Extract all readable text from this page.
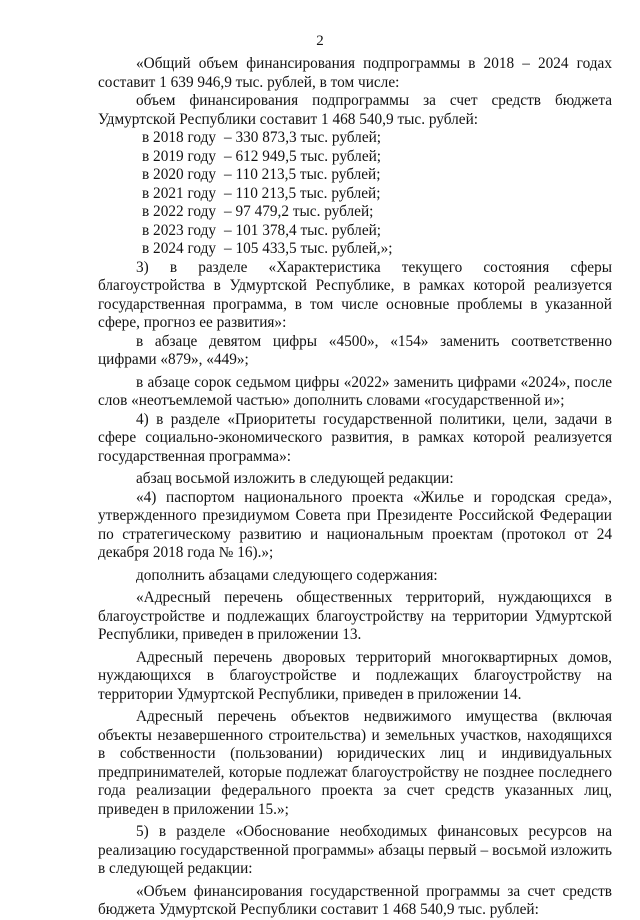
2

«Общий объем финансирования подпрограммы в 2018 – 2024 годах составит 1 639 946,9 тыс. рублей, в том числе:

объем финансирования подпрограммы за счет средств бюджета Удмуртской Республики составит 1 468 540,9 тыс. рублей:

в 2018 году – 330 873,3 тыс. рублей;
в 2019 году – 612 949,5 тыс. рублей;
в 2020 году – 110 213,5 тыс. рублей;
в 2021 году – 110 213,5 тыс. рублей;
в 2022 году – 97 479,2 тыс. рублей;
в 2023 году – 101 378,4 тыс. рублей;
в 2024 году – 105 433,5 тыс. рублей,»;

3) в разделе «Характеристика текущего состояния сферы благоустройства в Удмуртской Республике, в рамках которой реализуется государственная программа, в том числе основные проблемы в указанной сфере, прогноз ее развития»:

в абзаце девятом цифры «4500», «154» заменить соответственно цифрами «879», «449»;

в абзаце сорок седьмом цифры «2022» заменить цифрами «2024», после слов «неотъемлемой частью» дополнить словами «государственной и»;

4) в разделе «Приоритеты государственной политики, цели, задачи в сфере социально-экономического развития, в рамках которой реализуется государственная программа»:

абзац восьмой изложить в следующей редакции:

«4) паспортом национального проекта «Жилье и городская среда», утвержденного президиумом Совета при Президенте Российской Федерации по стратегическому развитию и национальным проектам (протокол от 24 декабря 2018 года № 16).»;

дополнить абзацами следующего содержания:

«Адресный перечень общественных территорий, нуждающихся в благоустройстве и подлежащих благоустройству на территории Удмуртской Республики, приведен в приложении 13.

Адресный перечень дворовых территорий многоквартирных домов, нуждающихся в благоустройстве и подлежащих благоустройству на территории Удмуртской Республики, приведен в приложении 14.

Адресный перечень объектов недвижимого имущества (включая объекты незавершенного строительства) и земельных участков, находящихся в собственности (пользовании) юридических лиц и индивидуальных предпринимателей, которые подлежат благоустройству не позднее последнего года реализации федерального проекта за счет средств указанных лиц, приведен в приложении 15.»;

5) в разделе «Обоснование необходимых финансовых ресурсов на реализацию государственной программы» абзацы первый – восьмой изложить в следующей редакции:

«Объем финансирования государственной программы за счет средств бюджета Удмуртской Республики составит 1 468 540,9 тыс. рублей:
